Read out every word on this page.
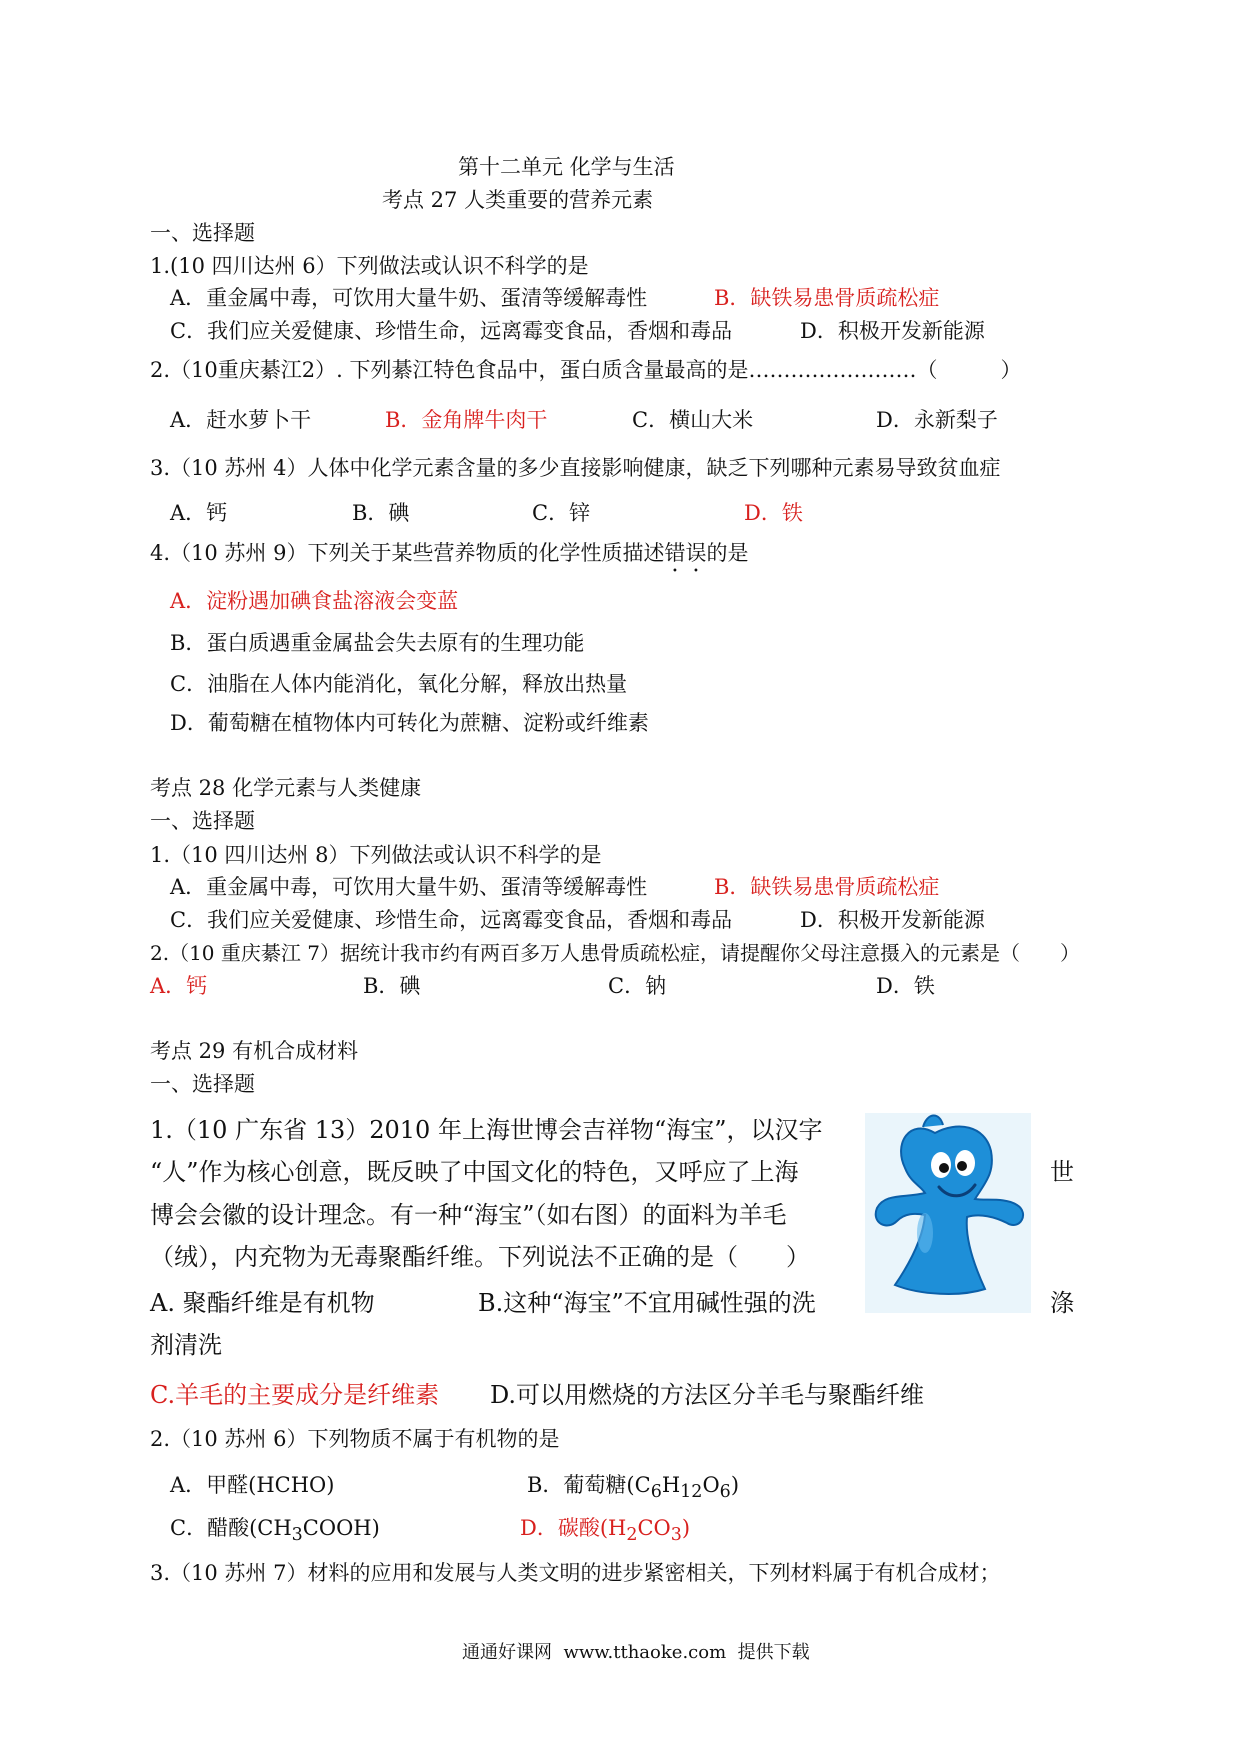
第十二单元 化学与生活
考点 27 人类重要的营养元素
一、选择题
1.(10 四川达州 6）下列做法或认识不科学的是
A．重金属中毒，可饮用大量牛奶、蛋清等缓解毒性	B．缺铁易患骨质疏松症
C．我们应关爱健康、珍惜生命，远离霉变食品，香烟和毒品	D．积极开发新能源
2.（10重庆綦江2）. 下列綦江特色食品中，蛋白质含量最高的是……………………（　　　）
A．赶水萝卜干	B．金角牌牛肉干	C．横山大米	D．永新梨子
3.（10 苏州 4）人体中化学元素含量的多少直接影响健康，缺乏下列哪种元素易导致贫血症
A．钙	B．碘	C．锌	D．铁
4.（10 苏州 9）下列关于某些营养物质的化学性质描述错误的是
A．淀粉遇加碘食盐溶液会变蓝
B．蛋白质遇重金属盐会失去原有的生理功能
C．油脂在人体内能消化，氧化分解，释放出热量
D．葡萄糖在植物体内可转化为蔗糖、淀粉或纤维素
考点 28 化学元素与人类健康
一、选择题
1.（10 四川达州 8）下列做法或认识不科学的是
A．重金属中毒，可饮用大量牛奶、蛋清等缓解毒性	B．缺铁易患骨质疏松症
C．我们应关爱健康、珍惜生命，远离霉变食品，香烟和毒品	D．积极开发新能源
2.（10 重庆綦江 7）据统计我市约有两百多万人患骨质疏松症，请提醒你父母注意摄入的元素是（　　）
A．钙	B．碘	C．钠	D．铁
考点 29 有机合成材料
一、选择题
1.（10 广东省 13）2010 年上海世博会吉祥物“海宝”，以汉字
“人”作为核心创意，既反映了中国文化的特色，又呼应了上海	世
博会会徽的设计理念。有一种“海宝”（如右图）的面料为羊毛
（绒），内充物为无毒聚酯纤维。下列说法不正确的是（　　）
A. 聚酯纤维是有机物	B.这种“海宝”不宜用碱性强的洗	涤
剂清洗
C.羊毛的主要成分是纤维素 D.可以用燃烧的方法区分羊毛与聚酯纤维
2.（10 苏州 6）下列物质不属于有机物的是
A．甲醛(HCHO)	B．葡萄糖$(C_6H_{12}O_6)$
C．醋酸$(CH_3COOH)$	D．碳酸$(H_2CO_3)$
3.（10 苏州 7）材料的应用和发展与人类文明的进步紧密相关，下列材料属于有机合成材；
通通好课网  www.tthaoke.com  提供下载
